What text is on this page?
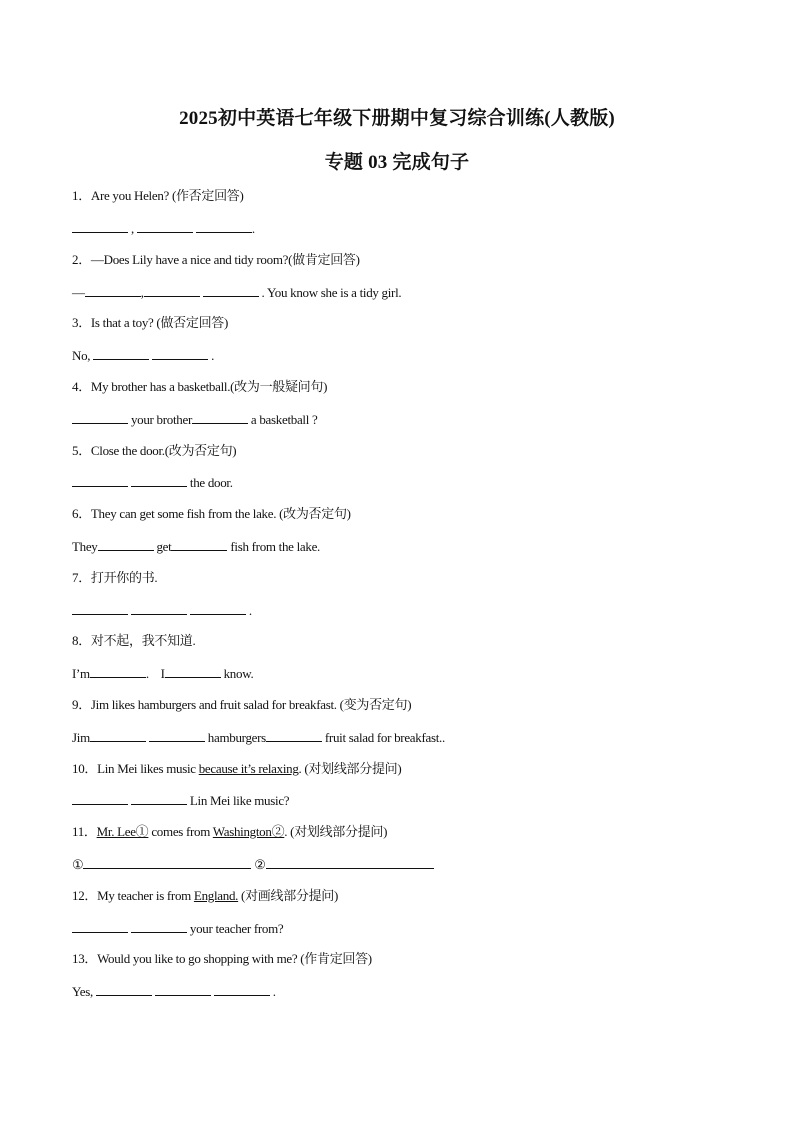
2025初中英语七年级下册期中复习综合训练(人教版)
专题 03 完成句子
1．Are you Helen? (作否定回答)
,	.
2．—Does Lily have a nice and tidy room?(做肯定回答)
—	,	. You know she is a tidy girl.
3．Is that a toy? (做否定回答)
No,	.
4．My brother has a basketball.(改为一般疑问句)
your brother	a basketball ?
5．Close the door.(改为否定句)
the door.
6．They can get some fish from the lake. (改为否定句)
They	get	fish from the lake.
7．打开你的书.
.
8．对不起，我不知道.
I’m	.    I	know.
9．Jim likes hamburgers and fruit salad for breakfast. (变为否定句)
Jim	hamburgers	fruit salad for breakfast..
10．Lin Mei likes music because it’s relaxing. (对划线部分提问)
Lin Mei like music?
11．Mr. Lee① comes from Washington②. (对划线部分提问)
①	②
12．My teacher is from England. (对画线部分提问)
your teacher from?
13．Would you like to go shopping with me? (作肯定回答)
Yes,	.
